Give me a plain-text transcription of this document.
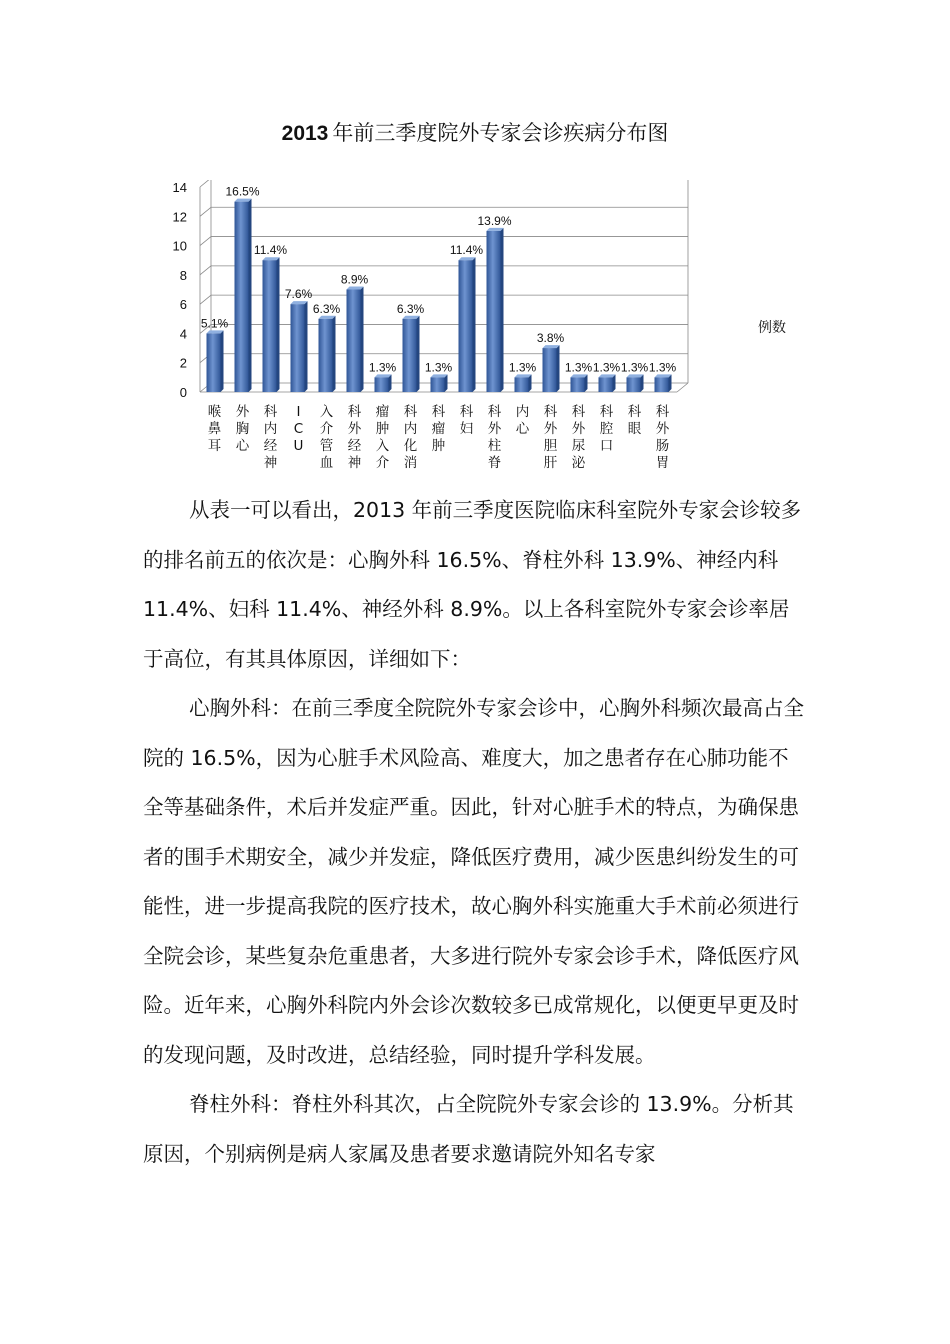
2013 年前三季度院外专家会诊疾病分布图
0
2
4
6
8
10
12
14
5.1%
喉鼻耳
16.5%
外胸心
11.4%
科内经神
7.6%
I C U
6.3%
入介管血
8.9%
科外经神
1.3%
瘤肿入介
6.3%
科内化消
1.3%
科瘤肿
11.4%
科妇
13.9%
科外柱脊
1.3%
内心
3.8%
科外胆肝
1.3%
科外尿泌
1.3%
科腔口
1.3%
科眼
1.3%
科外肠胃
例数

从表一可以看出，2013 年前三季度医院临床科室院外专家会诊较多的排名前五的依次是：心胸外科 16.5%、脊柱外科 13.9%、神经内科 11.4%、妇科 11.4%、神经外科 8.9%。以上各科室院外专家会诊率居于高位，有其具体原因，详细如下：

心胸外科：在前三季度全院院外专家会诊中，心胸外科频次最高占全院的 16.5%，因为心脏手术风险高、难度大，加之患者存在心肺功能不全等基础条件，术后并发症严重。因此，针对心脏手术的特点，为确保患者的围手术期安全，减少并发症，降低医疗费用，减少医患纠纷发生的可能性，进一步提高我院的医疗技术，故心胸外科实施重大手术前必须进行全院会诊，某些复杂危重患者，大多进行院外专家会诊手术，降低医疗风险。近年来，心胸外科院内外会诊次数较多已成常规化，以便更早更及时的发现问题，及时改进，总结经验，同时提升学科发展。

脊柱外科：脊柱外科其次，占全院院外专家会诊的 13.9%。分析其原因，个别病例是病人家属及患者要求邀请院外知名专家
